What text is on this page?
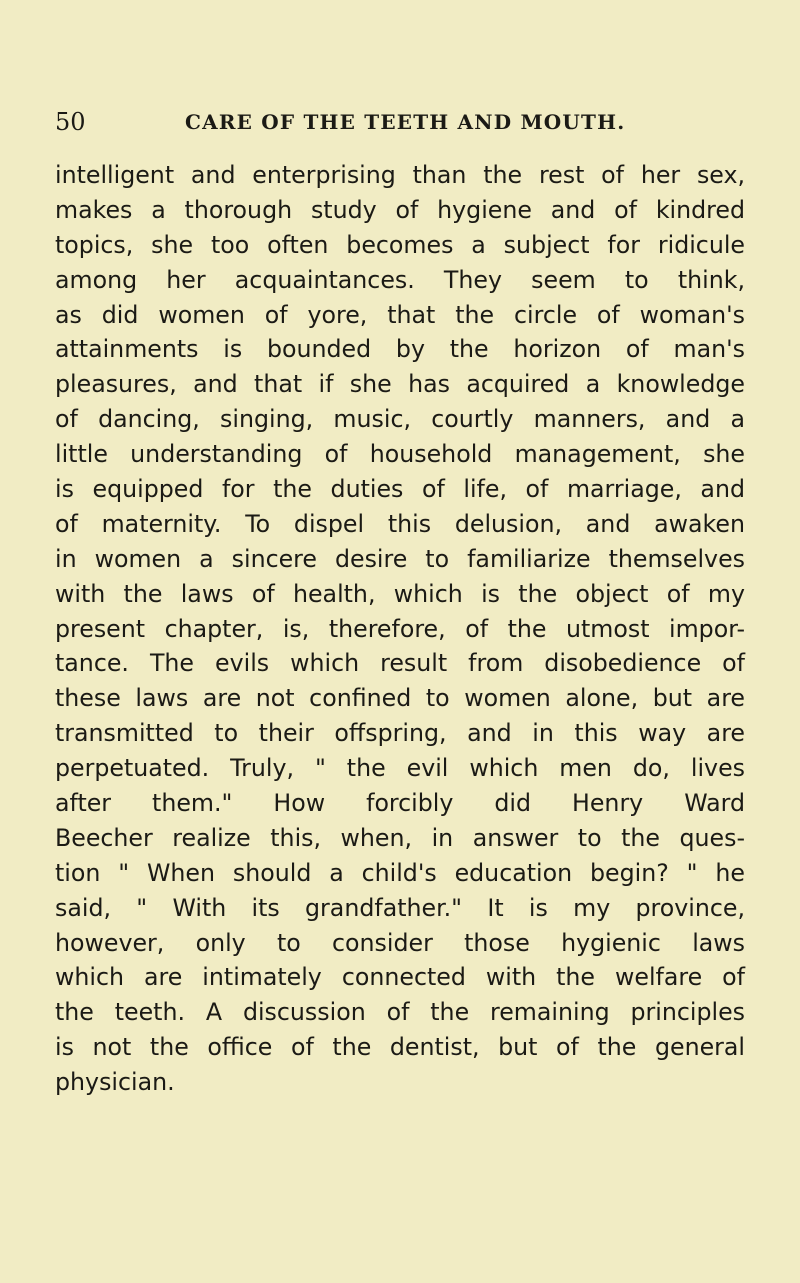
50	CARE OF THE TEETH AND MOUTH.
intelligent and enterprising than the rest of her sex,
makes a thorough study of hygiene and of kindred
topics, she too often becomes a subject for ridicule
among her acquaintances. They seem to think,
as did women of yore, that the circle of woman's
attainments is bounded by the horizon of man's
pleasures, and that if she has acquired a knowledge
of dancing, singing, music, courtly manners, and a
little understanding of household management, she
is equipped for the duties of life, of marriage, and
of maternity. To dispel this delusion, and awaken
in women a sincere desire to familiarize themselves
with the laws of health, which is the object of my
present chapter, is, therefore, of the utmost impor-
tance. The evils which result from disobedience of
these laws are not confined to women alone, but are
transmitted to their offspring, and in this way are
perpetuated. Truly, " the evil which men do, lives
after them." How forcibly did Henry Ward
Beecher realize this, when, in answer to the ques-
tion " When should a child's education begin? " he
said, " With its grandfather." It is my province,
however, only to consider those hygienic laws
which are intimately connected with the welfare of
the teeth. A discussion of the remaining principles
is not the office of the dentist, but of the general
physician.
